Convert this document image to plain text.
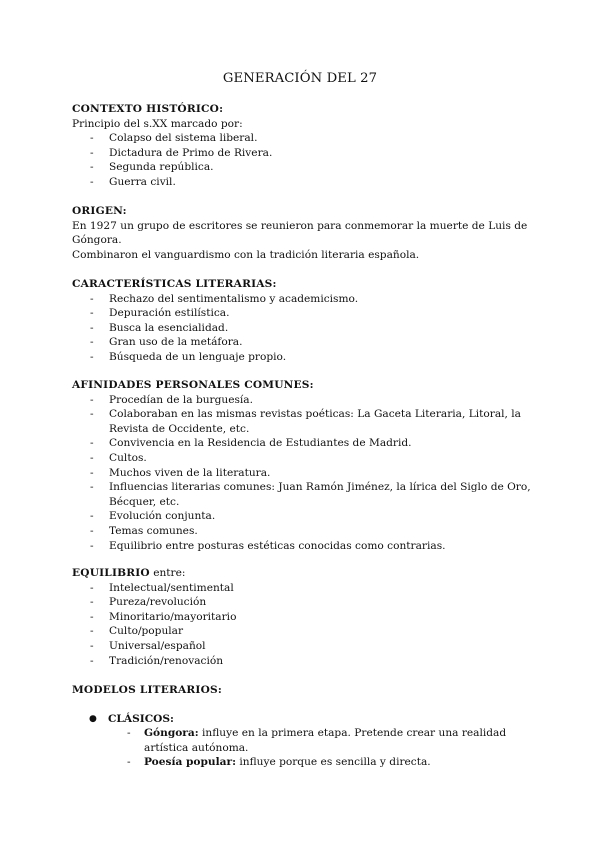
GENERACIÓN DEL 27

CONTEXTO HISTÓRICO:

Principio del s.XX marcado por:

- Colapso del sistema liberal.
- Dictadura de Primo de Rivera.
- Segunda república.
- Guerra civil.

ORIGEN:

En 1927 un grupo de escritores se reunieron para conmemorar la muerte de Luis de

Góngora.

Combinaron el vanguardismo con la tradición literaria española.

CARACTERÍSTICAS LITERARIAS:

- Rechazo del sentimentalismo y academicismo.
- Depuración estilística.
- Busca la esencialidad.
- Gran uso de la metáfora.
- Búsqueda de un lenguaje propio.

AFINIDADES PERSONALES COMUNES:

- Procedían de la burguesía.
- Colaboraban en las mismas revistas poéticas: La Gaceta Literaria, Litoral, la Revista de Occidente, etc.
- Convivencia en la Residencia de Estudiantes de Madrid.
- Cultos.
- Muchos viven de la literatura.
- Influencias literarias comunes: Juan Ramón Jiménez, la lírica del Siglo de Oro, Bécquer, etc.
- Evolución conjunta.
- Temas comunes.
- Equilibrio entre posturas estéticas conocidas como contrarias.

EQUILIBRIO entre:

- Intelectual/sentimental
- Pureza/revolución
- Minoritario/mayoritario
- Culto/popular
- Universal/español
- Tradición/renovación

MODELOS LITERARIOS:

● CLÁSICOS:
- Góngora: influye en la primera etapa. Pretende crear una realidad artística autónoma.
- Poesía popular: influye porque es sencilla y directa.
